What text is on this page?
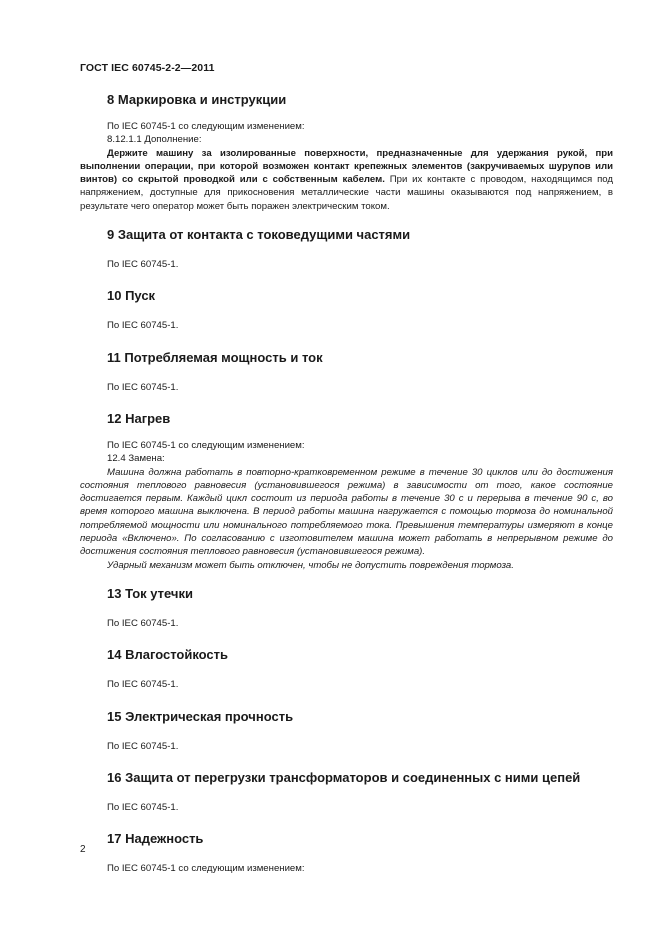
ГОСТ IEC 60745-2-2—2011
8 Маркировка и инструкции

По IEC 60745-1 со следующим изменением:

8.12.1.1 Дополнение:

Держите машину за изолированные поверхности, предназначенные для удержания рукой, при выполнении операции, при которой возможен контакт крепежных элементов (закручиваемых шурупов или винтов) со скрытой проводкой или с собственным кабелем. При их контакте с проводом, находящимся под напряжением, доступные для прикосновения металлические части машины оказываются под напряжением, в результате чего оператор может быть поражен электрическим током.

9 Защита от контакта с токоведущими частями

По IEC 60745-1.

10 Пуск

По IEC 60745-1.

11 Потребляемая мощность и ток

По IEC 60745-1.

12 Нагрев

По IEC 60745-1 со следующим изменением:

12.4 Замена:

Машина должна работать в повторно-кратковременном режиме в течение 30 циклов или до достижения состояния теплового равновесия (установившегося режима) в зависимости от того, какое состояние достигается первым. Каждый цикл состоит из периода работы в течение 30 с и перерыва в течение 90 с, во время которого машина выключена. В период работы машина нагружается с помощью тормоза до номинальной потребляемой мощности или номинального потребляемого тока. Превышения температуры измеряют в конце периода «Включено». По согласованию с изготовителем машина может работать в непрерывном режиме до достижения состояния теплового равновесия (установившегося режима).

Ударный механизм может быть отключен, чтобы не допустить повреждения тормоза.

13 Ток утечки

По IEC 60745-1.

14 Влагостойкость

По IEC 60745-1.

15 Электрическая прочность

По IEC 60745-1.

16 Защита от перегрузки трансформаторов и соединенных с ними цепей

По IEC 60745-1.

17 Надежность

По IEC 60745-1 со следующим изменением:

2
